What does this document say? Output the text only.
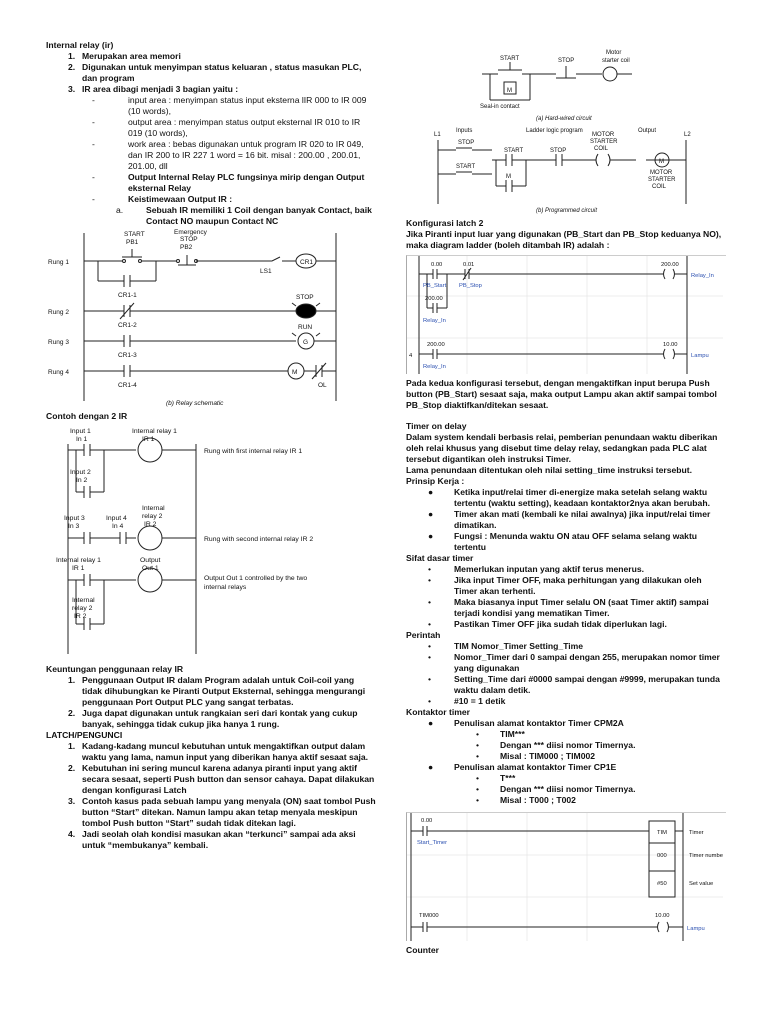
Internal relay (ir)
1. Merupakan area memori
2. Digunakan untuk menyimpan status keluaran , status masukan PLC, dan program
3. IR area dibagi menjadi 3 bagian yaitu :
-	input area : menyimpan status input eksterna lIR 000 to IR 009 (10 words),
-	output area : menyimpan status output eksternal IR 010 to IR 019 (10 words),
-	work area : bebas digunakan untuk program IR 020 to IR 049, dan IR 200 to IR 227 1 word = 16 bit. misal : 200.00 , 200.01, 201.00, dll
-	Output Internal Relay PLC fungsinya mirip dengan Output eksternal Relay
-	Keistimewaan Output IR :
a.	Sebuah IR memiliki 1 Coil dengan banyak Contact, baik Contact NO maupun Contact NC
START
PB1
Emergency
STOP
PB2
LS1
CR1
Rung 1
Rung 2
Rung 3
Rung 4
CR1-1
CR1-2
CR1-3
CR1-4
STOP
RUN
G
M
OL
(b) Relay schematic
Contoh dengan 2 IR
Input 1
In 1
Internal relay 1
IR 1
Rung with first internal relay IR 1
Input 2
In 2
Input 3
In 3
Input 4
In 4
Internal
relay 2
IR 2
Rung with second internal relay IR 2
Internal relay 1
IR 1
Output
Out 1
Output Out 1 controlled by the two
internal relays
Internal
relay 2
IR 2
Keuntungan penggunaan relay IR
1. Penggunaan Output IR dalam Program adalah untuk Coil-coil yang tidak dihubungkan ke Piranti Output Eksternal, sehingga mengurangi penggunaan Port Output PLC yang sangat terbatas.
2. Juga dapat digunakan untuk rangkaian seri dari kontak yang cukup banyak, sehingga tidak cukup jika hanya 1 rung.
LATCH/PENGUNCI
1. Kadang-kadang muncul kebutuhan untuk mengaktifkan output dalam waktu yang lama, namun input yang diberikan hanya aktif sesaat saja.
2. Kebutuhan ini sering muncul karena adanya piranti input yang aktif secara sesaat, seperti Push button dan sensor cahaya. Dapat dilakukan dengan konfigurasi Latch
3. Contoh kasus pada sebuah lampu yang menyala (ON) saat tombol Push button “Start” ditekan. Namun lampu akan tetap menyala meskipun tombol Push button “Start” sudah tidak ditekan lagi.
4. Jadi seolah olah kondisi masukan akan “terkunci” sampai ada aksi untuk “membukanya” kembali.
START	STOP
Motor
starter coil
M
Seal-in contact
(a) Hard-wired circuit
L1	L2
Inputs	Ladder logic program	Output
STOP
START
STOP
MOTOR
STARTER
COIL
M
M
MOTOR
STARTER
COIL
START
(b) Programmed circuit
Konfigurasi latch 2
Jika Piranti input luar yang digunakan (PB_Start dan PB_Stop keduanya NO), maka diagram ladder (boleh ditambah IR) adalah :
0.00	0.01	200.00
PB_Start PB_Stop
Relay_In
200.00
Relay_In
4
200.00	10.00
Lampu
Relay_In
Pada kedua konfigurasi tersebut, dengan mengaktifkan input berupa Push button (PB_Start) sesaat saja, maka output Lampu akan aktif sampai tombol PB_Stop diaktifkan/ditekan sesaat.
Timer on delay
Dalam system kendali berbasis relai, pemberian penundaan waktu diberikan oleh relai khusus yang disebut time delay relay, sedangkan pada PLC alat tersebut digantikan oleh instruksi Timer.
Lama penundaan ditentukan oleh nilai setting_time instruksi tersebut.
Prinsip Kerja :
● Ketika input/relai timer di-energize maka setelah selang waktu tertentu (waktu setting), keadaan kontaktor2nya akan berubah.
● Timer akan mati (kembali ke nilai awalnya) jika input/relai timer dimatikan.
● Fungsi : Menunda waktu ON atau OFF selama selang waktu tertentu
Sifat dasar timer
•	Memerlukan inputan yang aktif terus menerus.
•	Jika input Timer OFF, maka perhitungan yang dilakukan oleh Timer akan terhenti.
•	Maka biasanya input Timer selalu ON (saat Timer aktif) sampai terjadi kondisi yang mematikan Timer.
•	Pastikan Timer OFF jika sudah tidak diperlukan lagi.
Perintah
•	TIM Nomor_Timer Setting_Time
•	Nomor_Timer dari 0 sampai dengan 255, merupakan nomor timer yang digunakan
•	Setting_Time dari #0000 sampai dengan #9999, merupakan tunda waktu dalam detik.
•	#10 = 1 detik
Kontaktor timer
● Penulisan alamat kontaktor Timer CPM2A
• TIM***
• Dengan *** diisi nomor Timernya.
• Misal : TIM000 ; TIM002
● Penulisan alamat kontaktor Timer CP1E
• T***
• Dengan *** diisi nomor Timernya.
• Misal : T000 ; T002
0.00
Start_Timer
TIM	Timer
000	Timer number
#50	Set value
TIM000	10.00
Lampu
Counter
